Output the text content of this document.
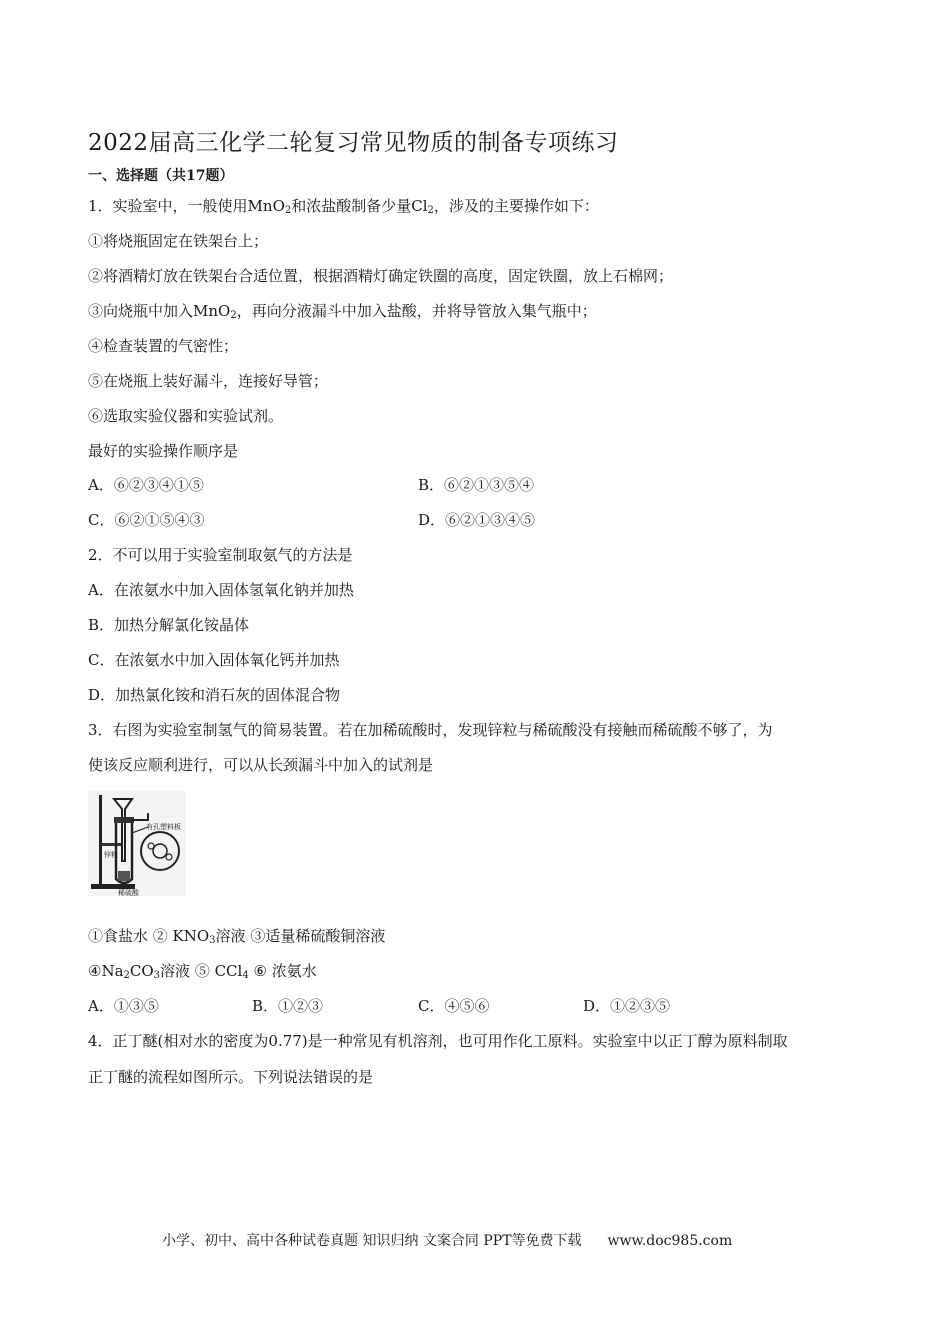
2022届高三化学二轮复习常见物质的制备专项练习
一、选择题（共17题）
1．实验室中，一般使用MnO$_2$和浓盐酸制备少量$Cl_2$，涉及的主要操作如下：
①将烧瓶固定在铁架台上；
②将酒精灯放在铁架台合适位置，根据酒精灯确定铁圈的高度，固定铁圈，放上石棉网；
③向烧瓶中加入MnO$_2$，再向分液漏斗中加入盐酸，并将导管放入集气瓶中；
④检查装置的气密性；
⑤在烧瓶上装好漏斗，连接好导管；
⑥选取实验仪器和实验试剂。
最好的实验操作顺序是
A．⑥②③④①⑤	B．⑥②①③⑤④
C．⑥②①⑤④③	D．⑥②①③④⑤
2．不可以用于实验室制取氨气的方法是
A．在浓氨水中加入固体氢氧化钠并加热
B．加热分解氯化铵晶体
C．在浓氨水中加入固体氧化钙并加热
D．加热氯化铵和消石灰的固体混合物
3．右图为实验室制氢气的简易装置。若在加稀硫酸时，发现锌粒与稀硫酸没有接触而稀硫酸不够了，为
使该反应顺利进行，可以从长颈漏斗中加入的试剂是
有孔塑料板
锌粒
稀硫酸
①食盐水 ② $KNO_3$溶液 ③适量稀硫酸铜溶液
$④Na_2CO_3$溶液 ⑤ CCl$_4$ ⑥ 浓氨水
A．①③⑤	B．①②③	C．④⑤⑥	D．①②③⑤
4．正丁醚(相对水的密度为0.77)是一种常见有机溶剂，也可用作化工原料。实验室中以正丁醇为原料制取
正丁醚的流程如图所示。下列说法错误的是
小学、初中、高中各种试卷真题 知识归纳 文案合同 PPT等免费下载 www.doc985.com
